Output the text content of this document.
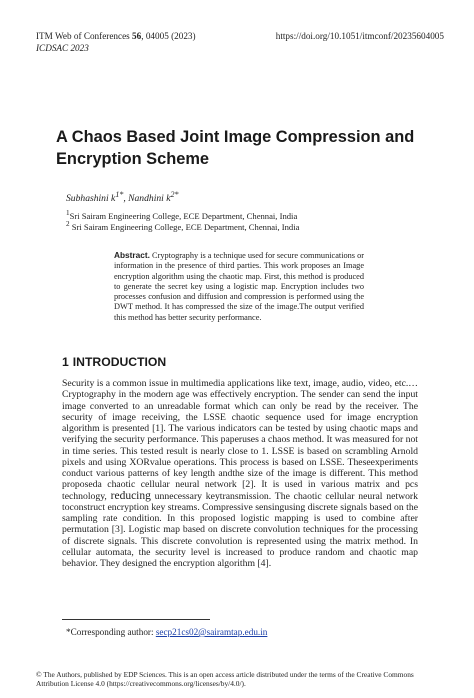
ITM Web of Conferences 56, 04005 (2023)
ICDSAC 2023
https://doi.org/10.1051/itmconf/20235604005
A Chaos Based Joint Image Compression and Encryption Scheme
Subhashini $k^{1*}$, Nandhini $k^{2*}$
$^1$Sri Sairam Engineering College, ECE Department, Chennai, India
$^2$ Sri Sairam Engineering College, ECE Department, Chennai, India
Abstract. Cryptography is a technique used for secure communications or information in the presence of third parties. This work proposes an Image encryption algorithm using the chaotic map. First, this method is produced to generate the secret key using a logistic map. Encryption includes two processes confusion and diffusion and compression is performed using the DWT method. It has compressed the size of the image.The output verified this method has better security performance.
1 INTRODUCTION
Security is a common issue in multimedia applications like text, image, audio, video, etc.… Cryptography in the modern age was effectively encryption. The sender can send the input image converted to an unreadable format which can only be read by the receiver. The security of image receiving, the LSSE chaotic sequence used for image encryption algorithm is presented [1]. The various indicators can be tested by using chaotic maps and verifying the security performance. This paperuses a chaos method. It was measured for not in time series. This tested result is nearly close to 1. LSSE is based on scrambling Arnold pixels and using XORvalue operations. This process is based on LSSE. Theseexperiments conduct various patterns of key length andthe size of the image is different. This method proposeda chaotic cellular neural network [2]. It is used in various matrix and pcs technology, reducing unnecessary keytransmission. The chaotic cellular neural network toconstruct encryption key streams. Compressive sensingusing discrete signals based on the sampling rate condition. In this proposed logistic mapping is used to combine after permutation [3]. Logistic map based on discrete convolution techniques for the processing of discrete signals. This discrete convolution is represented using the matrix method. In cellular automata, the security level is increased to produce random and chaotic map behavior. They designed the encryption algorithm [4].
*Corresponding author: secp21cs02@sairamtap.edu.in
© The Authors, published by EDP Sciences. This is an open access article distributed under the terms of the Creative Commons Attribution License 4.0 (https://creativecommons.org/licenses/by/4.0/).
